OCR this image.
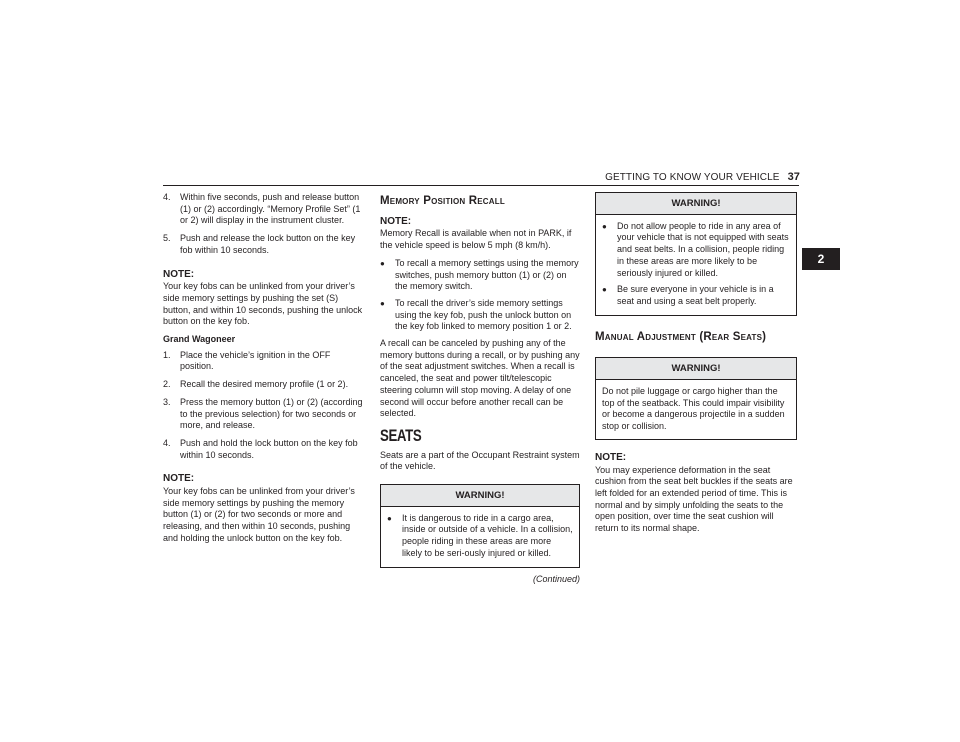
GETTING TO KNOW YOUR VEHICLE 37
2
4.	Within five seconds, push and release button (1) or (2) accordingly. “Memory Profile Set” (1 or 2) will display in the instrument cluster.
5.	Push and release the lock button on the key fob within 10 seconds.
NOTE:

Your key fobs can be unlinked from your driver’s side memory settings by pushing the set (S) button, and within 10 seconds, pushing the unlock button on the key fob.

Grand Wagoneer
1.	Place the vehicle’s ignition in the OFF position.
2.	Recall the desired memory profile (1 or 2).
3.	Press the memory button (1) or (2) (according to the previous selection) for two seconds or more, and release.
4.	Push and hold the lock button on the key fob within 10 seconds.
NOTE:

Your key fobs can be unlinked from your driver’s side memory settings by pushing the memory button (1) or (2) for two seconds or more and releasing, and then within 10 seconds, pushing and holding the unlock button on the key fob.

Memory Position Recall
NOTE:

Memory Recall is available when not in PARK, if the vehicle speed is below 5 mph (8 km/h).

●	To recall a memory settings using the memory switches, push memory button (1) or (2) on the memory switch.
●	To recall the driver’s side memory settings using the key fob, push the unlock button on the key fob linked to memory position 1 or 2.

A recall can be canceled by pushing any of the memory buttons during a recall, or by pushing any of the seat adjustment switches. When a recall is canceled, the seat and power tilt/telescopic steering column will stop moving. A delay of one second will occur before another recall can be selected.

SEATS

Seats are a part of the Occupant Restraint system of the vehicle.

WARNING!
●	It is dangerous to ride in a cargo area, inside or outside of a vehicle. In a collision, people riding in these areas are more likely to be seri-ously injured or killed.
(Continued)
WARNING!
●	Do not allow people to ride in any area of your vehicle that is not equipped with seats and seat belts. In a collision, people riding in these areas are more likely to be seriously injured or killed.
●	Be sure everyone in your vehicle is in a seat and using a seat belt properly.
Manual Adjustment (Rear Seats)
WARNING!
Do not pile luggage or cargo higher than the top of the seatback. This could impair visibility or become a dangerous projectile in a sudden stop or collision.
NOTE:

You may experience deformation in the seat cushion from the seat belt buckles if the seats are left folded for an extended period of time. This is normal and by simply unfolding the seats to the open position, over time the seat cushion will return to its normal shape.
